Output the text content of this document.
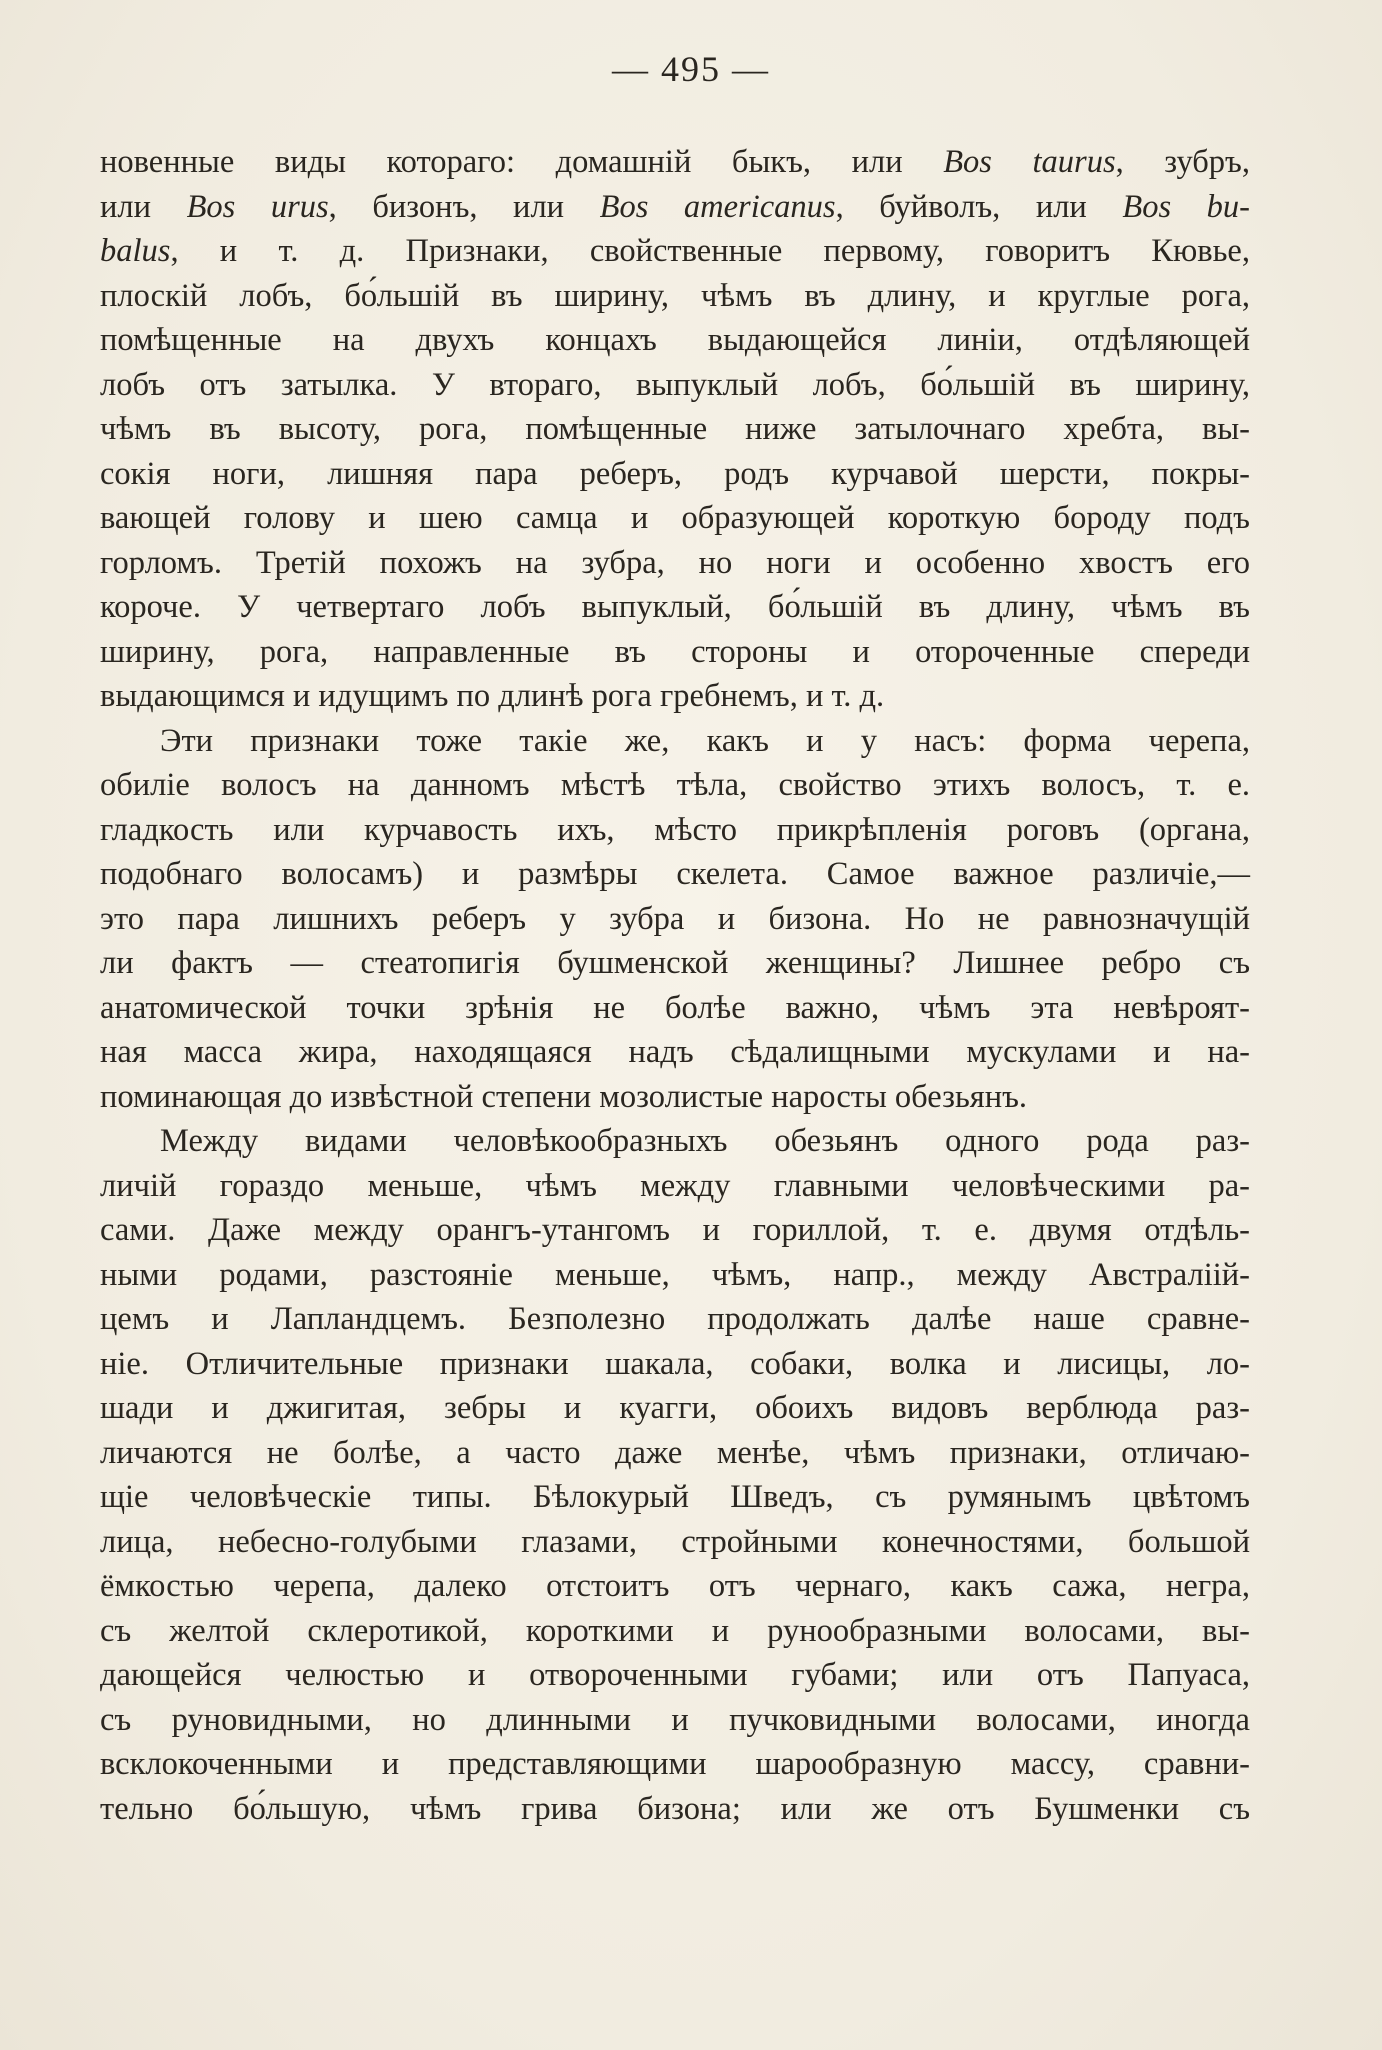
— 495 —
новенные виды котораго: домашній быкъ, или Bos taurus, зубръ,
или Bos urus, бизонъ, или Bos americanus, буйволъ, или Bos bu-
balus, и т. д. Признаки, свойственные первому, говоритъ Кювье,
плоскій лобъ, бо́льшій въ ширину, чѣмъ въ длину, и круглые рога,
помѣщенные на двухъ концахъ выдающейся линіи, отдѣляющей
лобъ отъ затылка. У втораго, выпуклый лобъ, бо́льшій въ ширину,
чѣмъ въ высоту, рога, помѣщенные ниже затылочнаго хребта, вы-
сокія ноги, лишняя пара реберъ, родъ курчавой шерсти, покры-
вающей голову и шею самца и образующей короткую бороду подъ
горломъ. Третій похожъ на зубра, но ноги и особенно хвостъ его
короче. У четвертаго лобъ выпуклый, бо́льшій въ длину, чѣмъ въ
ширину, рога, направленные въ стороны и отороченные спереди
выдающимся и идущимъ по длинѣ рога гребнемъ, и т. д.
Эти признаки тоже такіе же, какъ и у насъ: форма черепа,
обиліе волосъ на данномъ мѣстѣ тѣла, свойство этихъ волосъ, т. е.
гладкость или курчавость ихъ, мѣсто прикрѣпленія роговъ (органа,
подобнаго волосамъ) и размѣры скелета. Самое важное различіе,—
это пара лишнихъ реберъ у зубра и бизона. Но не равнозначущій
ли фактъ — стеатопигія бушменской женщины? Лишнее ребро съ
анатомической точки зрѣнія не болѣе важно, чѣмъ эта невѣроят-
ная масса жира, находящаяся надъ сѣдалищными мускулами и на-
поминающая до извѣстной степени мозолистые наросты обезьянъ.
Между видами человѣкообразныхъ обезьянъ одного рода раз-
личій гораздо меньше, чѣмъ между главными человѣческими ра-
сами. Даже между орангъ-утангомъ и гориллой, т. е. двумя отдѣль-
ными родами, разстояніе меньше, чѣмъ, напр., между Австраліій-
цемъ и Лапландцемъ. Безполезно продолжать далѣе наше сравне-
ніе. Отличительные признаки шакала, собаки, волка и лисицы, ло-
шади и джигитая, зебры и куагги, обоихъ видовъ верблюда раз-
личаются не болѣе, а часто даже менѣе, чѣмъ признаки, отличаю-
щіе человѣческіе типы. Бѣлокурый Шведъ, съ румянымъ цвѣтомъ
лица, небесно-голубыми глазами, стройными конечностями, большой
ёмкостью черепа, далеко отстоитъ отъ чернаго, какъ сажа, негра,
съ желтой склеротикой, короткими и рунообразными волосами, вы-
дающейся челюстью и отвороченными губами; или отъ Папуаса,
съ руновидными, но длинными и пучковидными волосами, иногда
всклокоченными и представляющими шарообразную массу, сравни-
тельно бо́льшую, чѣмъ грива бизона; или же отъ Бушменки съ
